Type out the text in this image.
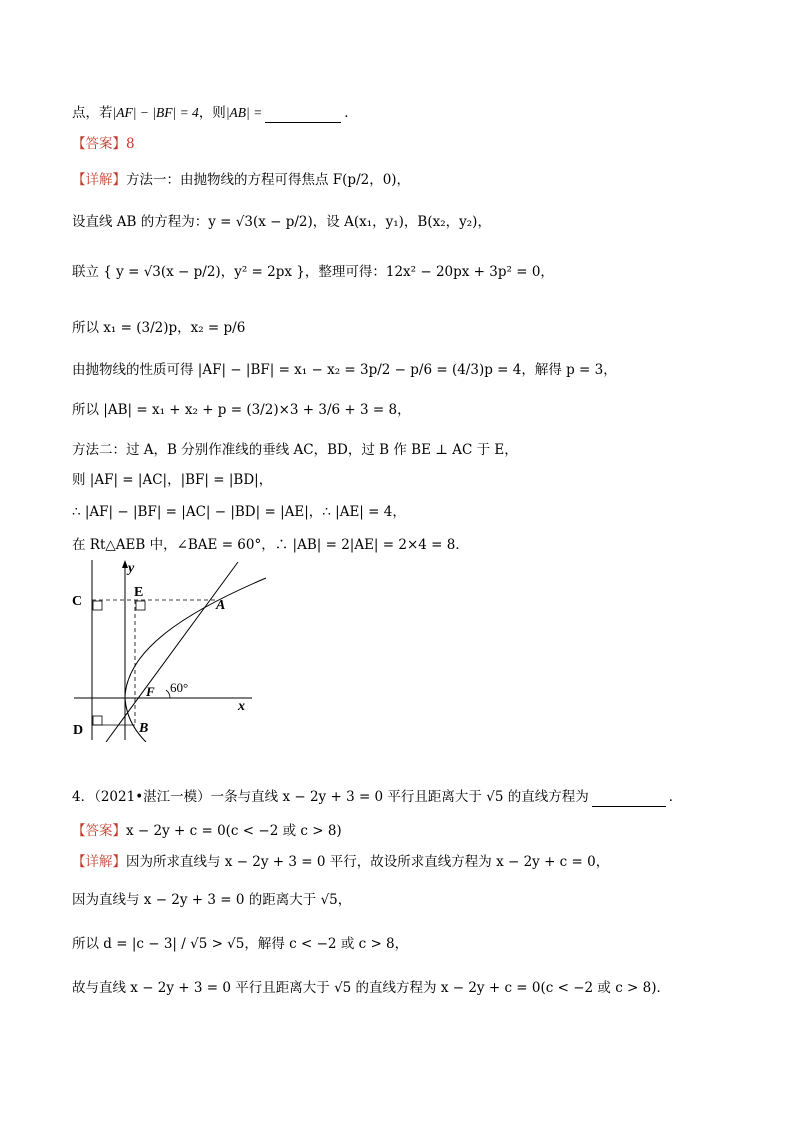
点，若|AF| − |BF| = 4，则|AB| =	．
【答案】8
【详解】方法一：由抛物线的方程可得焦点 F(p/2，0)，
设直线 AB 的方程为：y = √3(x − p/2)，设 A(x₁，y₁)，B(x₂，y₂)，
联立 { y = √3(x − p/2)，y² = 2px }，整理可得：12x² − 20px + 3p² = 0，
所以 x₁ = (3/2)p，x₂ = p/6
由抛物线的性质可得 |AF| − |BF| = x₁ − x₂ = 3p/2 − p/6 = (4/3)p = 4，解得 p = 3，
所以 |AB| = x₁ + x₂ + p = (3/2)×3 + 3/6 + 3 = 8，
方法二：过 A，B 分别作准线的垂线 AC，BD，过 B 作 BE ⊥ AC 于 E，
则 |AF| = |AC|，|BF| = |BD|，
∴ |AF| − |BF| = |AC| − |BD| = |AE|，∴ |AE| = 4，
在 Rt△AEB 中，∠BAE = 60°，∴ |AB| = 2|AE| = 2×4 = 8．
y
x
C
E
A
F 60°
D	B
4．（2021•湛江一模）一条与直线 x − 2y + 3 = 0 平行且距离大于 √5 的直线方程为	．
【答案】x − 2y + c = 0(c < −2 或 c > 8)
【详解】因为所求直线与 x − 2y + 3 = 0 平行，故设所求直线方程为 x − 2y + c = 0，
因为直线与 x − 2y + 3 = 0 的距离大于 √5，
所以 d = |c − 3| / √5 > √5，解得 c < −2 或 c > 8，
故与直线 x − 2y + 3 = 0 平行且距离大于 √5 的直线方程为 x − 2y + c = 0(c < −2 或 c > 8)．
